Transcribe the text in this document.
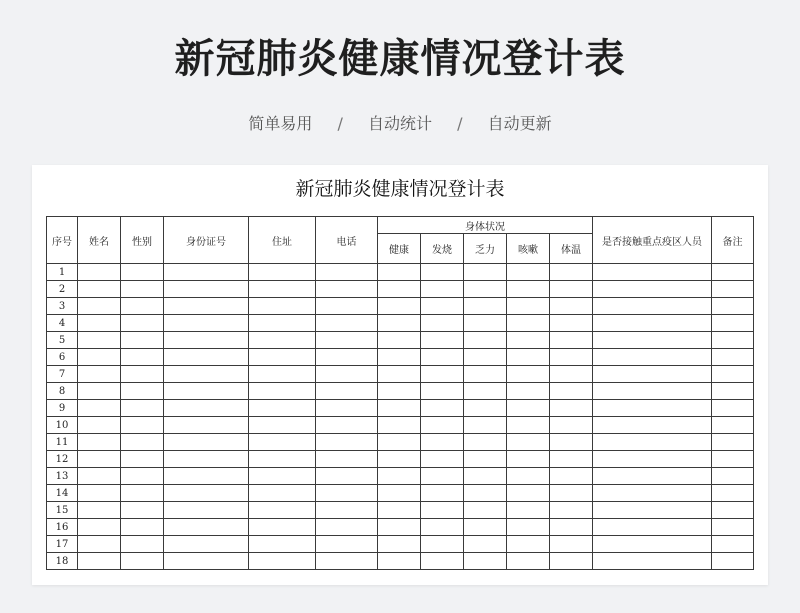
新冠肺炎健康情况登计表
简单易用 / 自动统计 / 自动更新
新冠肺炎健康情况登计表
序号	姓名	性别	身份证号	住址	电话	身体状况					是否接触重点疫区人员	备注
						健康	发烧	乏力	咳嗽	体温		
1												
2												
3												
4												
5												
6												
7												
8												
9												
10												
11												
12												
13												
14												
15												
16												
17												
18												
